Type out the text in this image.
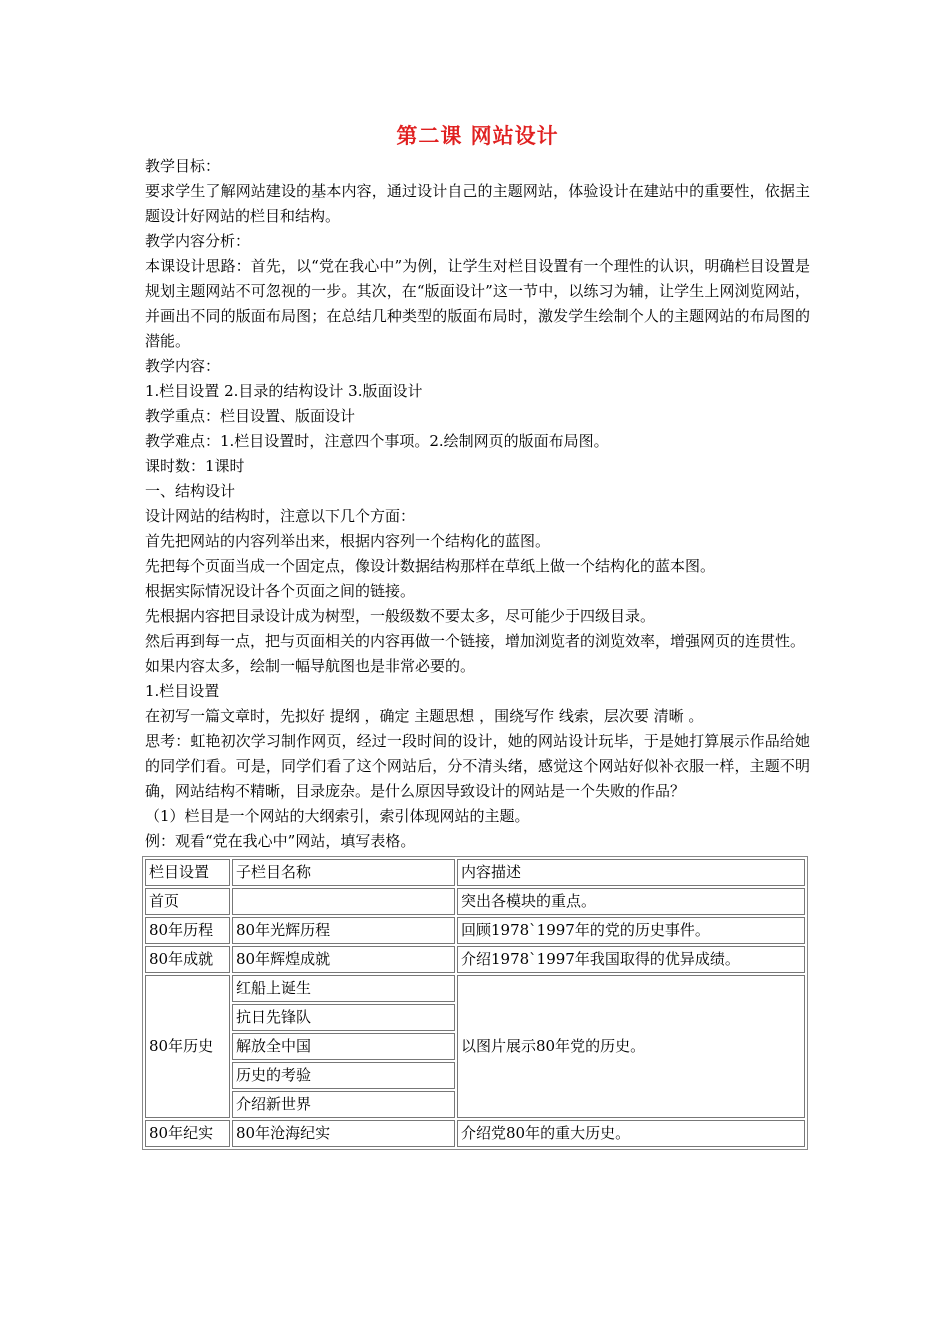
第二课 网站设计

教学目标：

要求学生了解网站建设的基本内容，通过设计自己的主题网站，体验设计在建站中的重要性，依据主题设计好网站的栏目和结构。

教学内容分析：

本课设计思路：首先，以“党在我心中”为例，让学生对栏目设置有一个理性的认识，明确栏目设置是规划主题网站不可忽视的一步。其次，在“版面设计”这一节中，以练习为辅，让学生上网浏览网站，并画出不同的版面布局图；在总结几种类型的版面布局时，激发学生绘制个人的主题网站的布局图的潜能。

教学内容：

1.栏目设置 2.目录的结构设计 3.版面设计

教学重点：栏目设置、版面设计

教学难点：1.栏目设置时，注意四个事项。2.绘制网页的版面布局图。

课时数：1课时

一、结构设计

设计网站的结构时，注意以下几个方面：

首先把网站的内容列举出来，根据内容列一个结构化的蓝图。

先把每个页面当成一个固定点，像设计数据结构那样在草纸上做一个结构化的蓝本图。

根据实际情况设计各个页面之间的链接。

先根据内容把目录设计成为树型，一般级数不要太多，尽可能少于四级目录。

然后再到每一点，把与页面相关的内容再做一个链接，增加浏览者的浏览效率，增强网页的连贯性。

如果内容太多，绘制一幅导航图也是非常必要的。

1.栏目设置

在初写一篇文章时，先拟好 提纲 ，确定 主题思想 ，围绕写作 线索，层次要 清晰 。

思考：虹艳初次学习制作网页，经过一段时间的设计，她的网站设计玩毕，于是她打算展示作品给她的同学们看。可是，同学们看了这个网站后，分不清头绪，感觉这个网站好似补衣服一样，主题不明确，网站结构不精晰，目录庞杂。是什么原因导致设计的网站是一个失败的作品？

（1）栏目是一个网站的大纲索引，索引体现网站的主题。

例：观看“党在我心中”网站，填写表格。

栏目设置	子栏目名称	内容描述
首页		突出各模块的重点。
80年历程	80年光辉历程	回顾1978`1997年的党的历史事件。
80年成就	80年辉煌成就	介绍1978`1997年我国取得的优异成绩。
80年历史	红船上诞生	以图片展示80年党的历史。
	抗日先锋队	
	解放全中国	
	历史的考验	
	介绍新世界	
80年纪实	80年沧海纪实	介绍党80年的重大历史。
